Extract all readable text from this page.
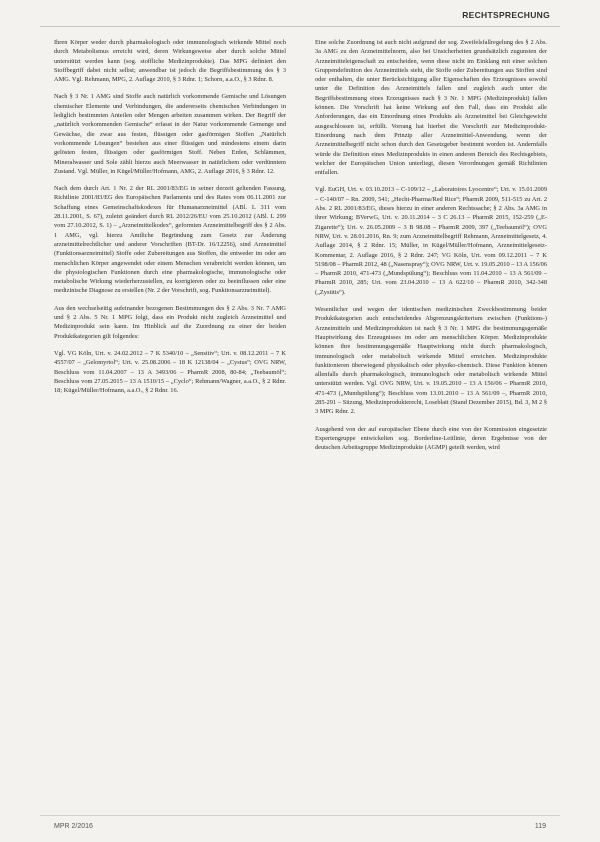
RECHTSPRECHUNG

Ihren Körper weder durch pharmakologisch oder immunologisch wirkende Mittel noch durch Metabolismus erreicht wird, deren Wirkungsweise aber durch solche Mittel unterstützt werden kann (sog. stoffliche Medizinprodukte). Das MPG definiert den Stoffbegriff dabei nicht selbst; anwendbar ist jedoch die Begriffsbestimmung des § 3 AMG. Vgl. Rehmann, MPG, 2. Auflage 2010, § 3 Rdnr. 1; Schorn, a.a.O., § 3 Rdnr. 8.

Nach § 3 Nr. 1 AMG sind Stoffe auch natürlich vorkommende Gemische und Lösungen chemischer Elemente und Verbindungen, die andererseits chemischen Verbindungen in lediglich bestimmten Anteilen oder Mengen arbeiten zusammen wirken. Der Begriff der „natürlich vorkommenden Gemische“ erfasst in der Natur vorkommende Gemenge und Gewächse, die zwar aus festen, flüssigen oder gasförmigen Stoffen „Natürlich vorkommende Lösungen“ bestehen aus einer flüssigen und mindestens einem darin gelösten festen, flüssigen oder gasförmigen Stoff. Neben Erden, Schlämmen, Mineralwasser und Sole zählt hierzu auch Meerwasser in natürlichem oder verdünntem Zustand. Vgl. Müller, in Kügel/Müller/Hofmann, AMG, 2. Auflage 2016, § 3 Rdnr. 12.

Nach dem durch Art. 1 Nr. 2 der RL 2001/83/EG in seiner derzeit geltenden Fassung, Richtlinie 2001/83/EG des Europäischen Parlaments und des Rates vom 06.11.2001 zur Schaffung eines Gemeinschaftskodexes für Humanarzneimittel (ABl. L 311 vom 28.11.2001, S. 67), zuletzt geändert durch RL 2012/26/EU vom 25.10.2012 (ABl. L 299 vom 27.10.2012, S. 1) – „Arzneimittelkodex“, geformten Arzneimittelbegriff des § 2 Abs. 1 AMG, vgl. hierzu Amtliche Begründung zum Gesetz zur Änderung arzneimittelrechtlicher und anderer Vorschriften (BT-Dr. 16/12256), sind Arzneimittel (Funktionsarzneimittel) Stoffe oder Zubereitungen aus Stoffen, die entweder im oder am menschlichen Körper angewendet oder einem Menschen verabreicht werden können, um die physiologischen Funktionen durch eine pharmakologische, immunologische oder metabolische Wirkung wiederherzustellen, zu korrigieren oder zu beeinflussen oder eine medizinische Diagnose zu erstellen (Nr. 2 der Vorschrift, sog. Funktionsarzneimittel).

Aus den wechselseitig aufeinander bezogenen Bestimmungen des § 2 Abs. 3 Nr. 7 AMG und § 2 Abs. 5 Nr. 1 MPG folgt, dass ein Produkt nicht zugleich Arzneimittel und Medizinprodukt sein kann. Im Hinblick auf die Zuordnung zu einer der beiden Produktkategorien gilt folgendes:

Vgl. VG Köln, Urt. v. 24.02.2012 – 7 K 5340/10 – „Sensitiv“; Urt. v. 08.12.2011 – 7 K 4557/07 – „Gelomyrtol“; Urt. v. 25.08.2006 – 18 K 12138/04 – „Cystus“; OVG NRW, Beschluss vom 11.04.2007 – 13 A 3493/06 – PharmR 2008, 80-84; „Teebaumöl“; Beschluss vom 27.05.2015 – 13 A 1510/15 – „Cyclo“; Rehmann/Wagner, a.a.O., § 2 Rdnr. 18; Kügel/Müller/Hofmann, a.a.O., § 2 Rdnr. 16.

Eine solche Zuordnung ist auch nicht aufgrund der sog. Zweifelsfallregelung des § 2 Abs. 3a AMG zu den Arzneimittelnorm, also bei Unsicherheiten grundsätzlich zugunsten der Arzneimitteleigenschaft zu entscheiden, wenn diese nicht im Einklang mit einer solchen Gruppendefinition des Arzneimittels steht, die Stoffe oder Zubereitungen aus Stoffen sind oder enthalten, die unter Berücksichtigung aller Eigenschaften des Erzeugnisses sowohl unter die Definition des Arzneimittels fallen und zugleich auch unter die Begriffsbestimmung eines Erzeugnisses nach § 3 Nr. 1 MPG (Medizinprodukt) fallen können. Die Vorschrift hat keine Wirkung auf den Fall, dass ein Produkt alle Anforderungen, das ein Einordnung eines Produkts als Arzneimittel bei Gleichgewicht ausgeschlossen ist, erfüllt. Vorrang hat hierbei die Vorschrift zur Medizinprodukt-Einordnung nach dem Prinzip aller Arzneimittel-Anwendung, wenn der Arzneimittelbegriff nicht schon durch den Gesetzgeber bestimmt worden ist. Andernfalls würde die Definition eines Medizinprodukts in einen anderen Bereich des Rechtsgebiets, welcher der Europäischen Union unterliegt, diesen Verordnungen gemäß Richtlinien entfallen.

Vgl. EuGH, Urt. v. 03.10.2013 – C-109/12 – „Laboratoires Lyocentre“; Urt. v. 15.01.2009 – C-140/07 – Rn. 2009, 541; „Hecht-Pharma/Red Rice“; PharmR 2009, 511-515 zu Art. 2 Abs. 2 RL 2001/83/EG, dieses hierzu in einer anderen Rechtssache; § 2 Abs. 3a AMG in ihrer Wirkung; BVerwG, Urt. v. 20.11.2014 – 3 C 26.13 – PharmR 2015, 152-259 („E-Zigarette“); Urt. v. 26.05.2009 – 3 B 98.08 – PharmR 2009, 397 („Teebaumöl“); OVG NRW, Urt. v. 28.01.2016, Rn. 9; zum Arzneimittelbegriff Rehmann, Arzneimittelgesetz, 4. Auflage 2014, § 2 Rdnr. 15; Müller, in Kügel/Müller/Hofmann, Arzneimittelgesetz-Kommentar, 2. Auflage 2016, § 2 Rdnr. 247; VG Köln, Urt. vom 09.12.2011 – 7 K 5198/08 – PharmR 2012, 48 („Nasenspray“); OVG NRW, Urt. v. 19.05.2010 – 13 A 156/06 – PharmR 2010, 471-473 („Mundspülung“); Beschluss vom 11.04.2010 – 13 A 561/09 – PharmR 2010, 285; Urt. vom 23.04.2010 – 13 A 622/10 – PharmR 2010, 342-348 („Zystitis“).

Wesentlicher und wegen der identischen medizinischen Zweckbestimmung beider Produktkategorien auch entscheidendes Abgrenzungskriterium zwischen (Funktions-) Arzneimitteln und Medizinprodukten ist nach § 3 Nr. 1 MPG die bestimmungsgemäße Hauptwirkung des Erzeugnisses im oder am menschlichen Körper. Medizinprodukte können ihre bestimmungsgemäße Hauptwirkung nicht durch pharmakologisch, immunologisch oder metabolisch wirkende Mittel erreichen. Medizinprodukte funktionieren überwiegend physikalisch oder physiko-chemisch. Diese Funktion können allenfalls durch pharmakologisch, immunologisch oder metabolisch wirkende Mittel unterstützt werden. Vgl. OVG NRW, Urt. v. 19.05.2010 – 13 A 156/06 – PharmR 2010, 471-473 („Mundspülung“); Beschluss vom 13.01.2010 – 13 A 561/09 –, PharmR 2010, 285-291 – Sitzung, Medizinprodukterecht, Loseblatt (Stand Dezember 2015), Bd. 3, M 2 § 3 MPG Rdnr. 2.

Ausgehend von der auf europäischer Ebene durch eine von der Kommission eingesetzte Expertengruppe entwickelten sog. Borderline-Leitlinie, deren Ergebnisse von der deutschen Arbeitsgruppe Medizinprodukte (AGMP) geteilt werden, wird

MPR 2/2016	119
